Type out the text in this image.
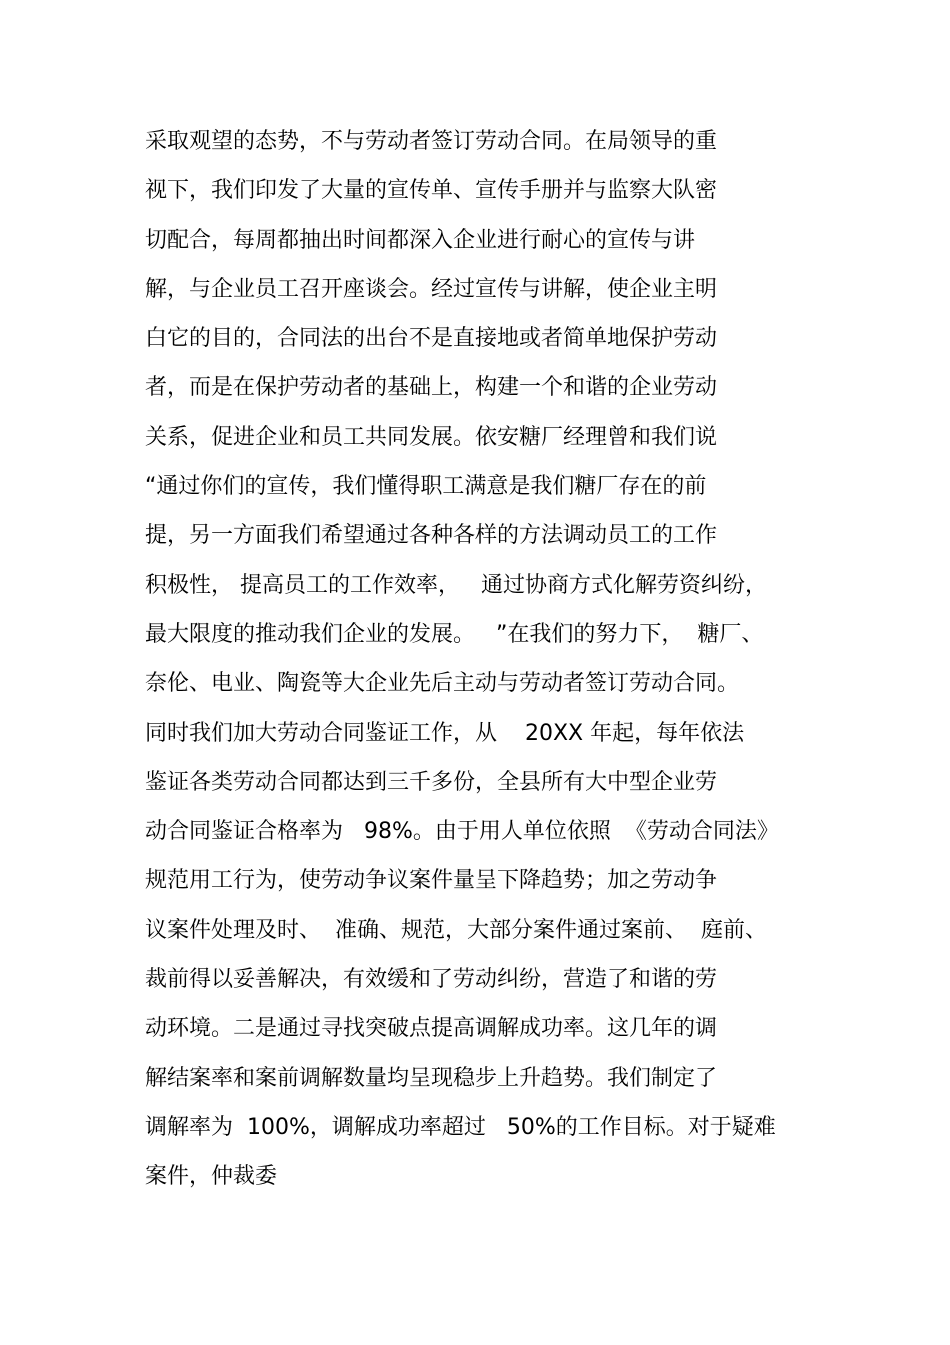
采取观望的态势，不与劳动者签订劳动合同。在局领导的重
视下，我们印发了大量的宣传单、宣传手册并与监察大队密
切配合，每周都抽出时间都深入企业进行耐心的宣传与讲
解，与企业员工召开座谈会。经过宣传与讲解，使企业主明
白它的目的，合同法的出台不是直接地或者简单地保护劳动
者，而是在保护劳动者的基础上，构建一个和谐的企业劳动
关系，促进企业和员工共同发展。依安糖厂经理曾和我们说
“通过你们的宣传，我们懂得职工满意是我们糖厂存在的前
提，另一方面我们希望通过各种各样的方法调动员工的工作
积极性， 提高员工的工作效率，   通过协商方式化解劳资纠纷，
最大限度的推动我们企业的发展。   ”在我们的努力下，  糖厂、
奈伦、电业、陶瓷等大企业先后主动与劳动者签订劳动合同。
同时我们加大劳动合同鉴证工作，从    20XX 年起，每年依法
鉴证各类劳动合同都达到三千多份，全县所有大中型企业劳
动合同鉴证合格率为   98%。由于用人单位依照  《劳动合同法》
规范用工行为，使劳动争议案件量呈下降趋势；加之劳动争
议案件处理及时、  准确、规范，大部分案件通过案前、  庭前、
裁前得以妥善解决，有效缓和了劳动纠纷，营造了和谐的劳
动环境。二是通过寻找突破点提高调解成功率。这几年的调
解结案率和案前调解数量均呈现稳步上升趋势。我们制定了
调解率为  100%，调解成功率超过   50%的工作目标。对于疑难
案件，仲裁委
